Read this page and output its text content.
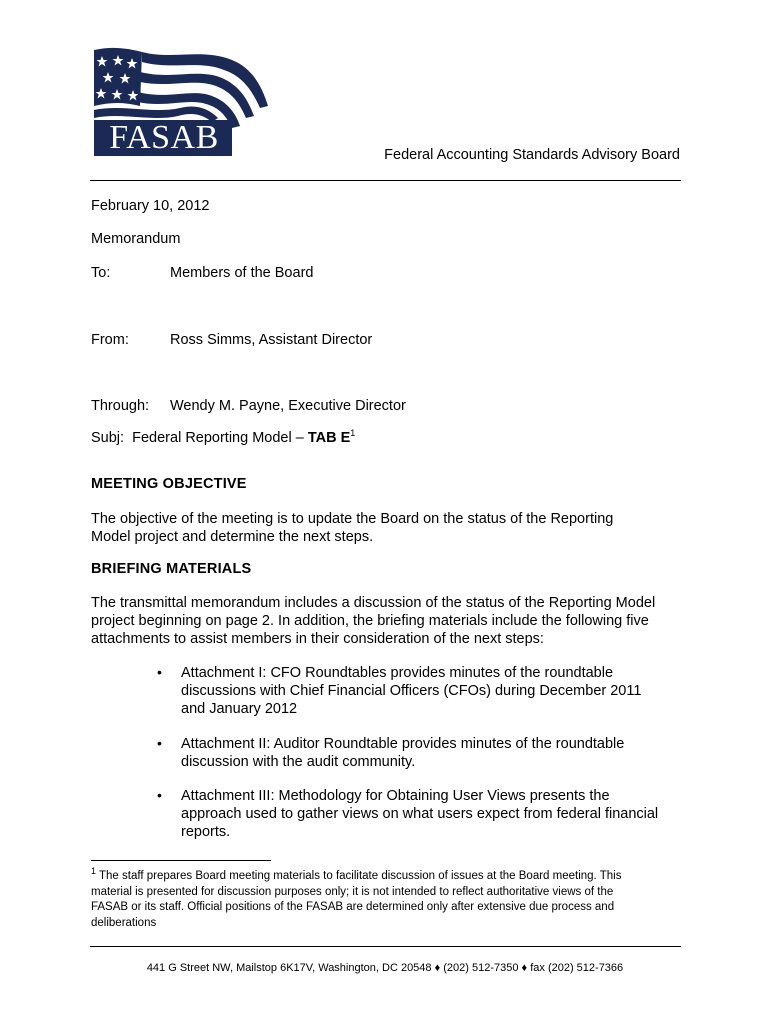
FASAB	Federal Accounting Standards Advisory Board
February 10, 2012
Memorandum
To:	Members of the Board
From:	Ross Simms, Assistant Director
Through: Wendy M. Payne, Executive Director
Subj: Federal Reporting Model – TAB $E^1$
MEETING OBJECTIVE
The objective of the meeting is to update the Board on the status of the Reporting
Model project and determine the next steps.
BRIEFING MATERIALS
The transmittal memorandum includes a discussion of the status of the Reporting Model
project beginning on page 2. In addition, the briefing materials include the following five
attachments to assist members in their consideration of the next steps:
• Attachment I: CFO Roundtables provides minutes of the roundtable
discussions with Chief Financial Officers (CFOs) during December 2011
and January 2012
• Attachment II: Auditor Roundtable provides minutes of the roundtable
discussion with the audit community.
• Attachment III: Methodology for Obtaining User Views presents the
approach used to gather views on what users expect from federal financial
reports.
$^1$ The staff prepares Board meeting materials to facilitate discussion of issues at the Board meeting. This
material is presented for discussion purposes only; it is not intended to reflect authoritative views of the
FASAB or its staff. Official positions of the FASAB are determined only after extensive due process and
deliberations
441 G Street NW, Mailstop 6K17V, Washington, DC 20548 ♦ (202) 512-7350 ♦ fax (202) 512-7366
